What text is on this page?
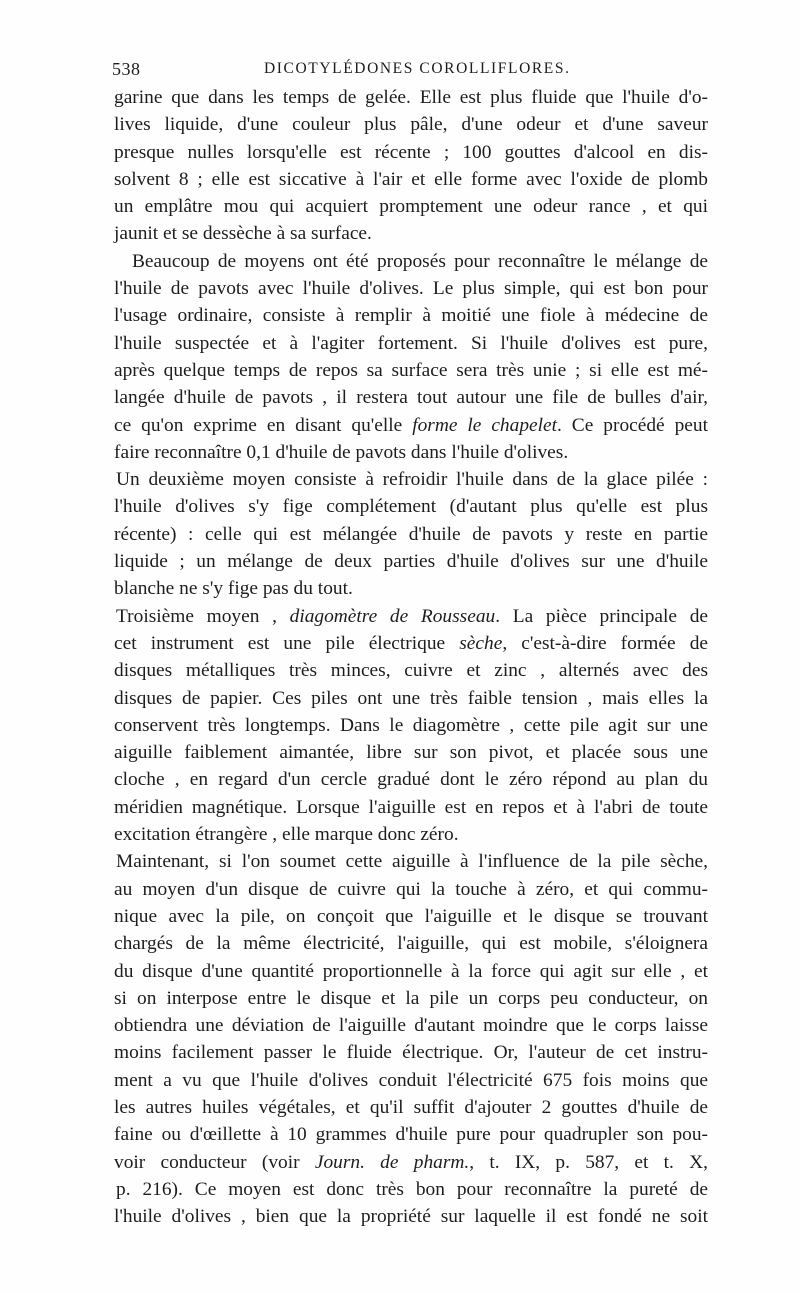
538	DICOTYLÉDONES COROLLIFLORES.
garine que dans les temps de gelée. Elle est plus fluide que l'huile d'o-
lives liquide, d'une couleur plus pâle, d'une odeur et d'une saveur
presque nulles lorsqu'elle est récente ; 100 gouttes d'alcool en dis-
solvent 8 ; elle est siccative à l'air et elle forme avec l'oxide de plomb
un emplâtre mou qui acquiert promptement une odeur rance , et qui
jaunit et se dessèche à sa surface.
Beaucoup de moyens ont été proposés pour reconnaître le mélange de
l'huile de pavots avec l'huile d'olives. Le plus simple, qui est bon pour
l'usage ordinaire, consiste à remplir à moitié une fiole à médecine de
l'huile suspectée et à l'agiter fortement. Si l'huile d'olives est pure,
après quelque temps de repos sa surface sera très unie ; si elle est mé-
langée d'huile de pavots , il restera tout autour une file de bulles d'air,
ce qu'on exprime en disant qu'elle forme le chapelet. Ce procédé peut
faire reconnaître 0,1 d'huile de pavots dans l'huile d'olives.
Un deuxième moyen consiste à refroidir l'huile dans de la glace pilée :
l'huile d'olives s'y fige complétement (d'autant plus qu'elle est plus
récente) : celle qui est mélangée d'huile de pavots y reste en partie
liquide ; un mélange de deux parties d'huile d'olives sur une d'huile
blanche ne s'y fige pas du tout.
Troisième moyen , diagomètre de Rousseau. La pièce principale de
cet instrument est une pile électrique sèche, c'est-à-dire formée de
disques métalliques très minces, cuivre et zinc , alternés avec des
disques de papier. Ces piles ont une très faible tension , mais elles la
conservent très longtemps. Dans le diagomètre , cette pile agit sur une
aiguille faiblement aimantée, libre sur son pivot, et placée sous une
cloche , en regard d'un cercle gradué dont le zéro répond au plan du
méridien magnétique. Lorsque l'aiguille est en repos et à l'abri de toute
excitation étrangère , elle marque donc zéro.
Maintenant, si l'on soumet cette aiguille à l'influence de la pile sèche,
au moyen d'un disque de cuivre qui la touche à zéro, et qui commu-
nique avec la pile, on conçoit que l'aiguille et le disque se trouvant
chargés de la même électricité, l'aiguille, qui est mobile, s'éloignera
du disque d'une quantité proportionnelle à la force qui agit sur elle , et
si on interpose entre le disque et la pile un corps peu conducteur, on
obtiendra une déviation de l'aiguille d'autant moindre que le corps laisse
moins facilement passer le fluide électrique. Or, l'auteur de cet instru-
ment a vu que l'huile d'olives conduit l'électricité 675 fois moins que
les autres huiles végétales, et qu'il suffit d'ajouter 2 gouttes d'huile de
faine ou d'œillette à 10 grammes d'huile pure pour quadrupler son pou-
voir conducteur (voir Journ. de pharm., t. IX, p. 587, et t. X,
p. 216). Ce moyen est donc très bon pour reconnaître la pureté de
l'huile d'olives , bien que la propriété sur laquelle il est fondé ne soit
